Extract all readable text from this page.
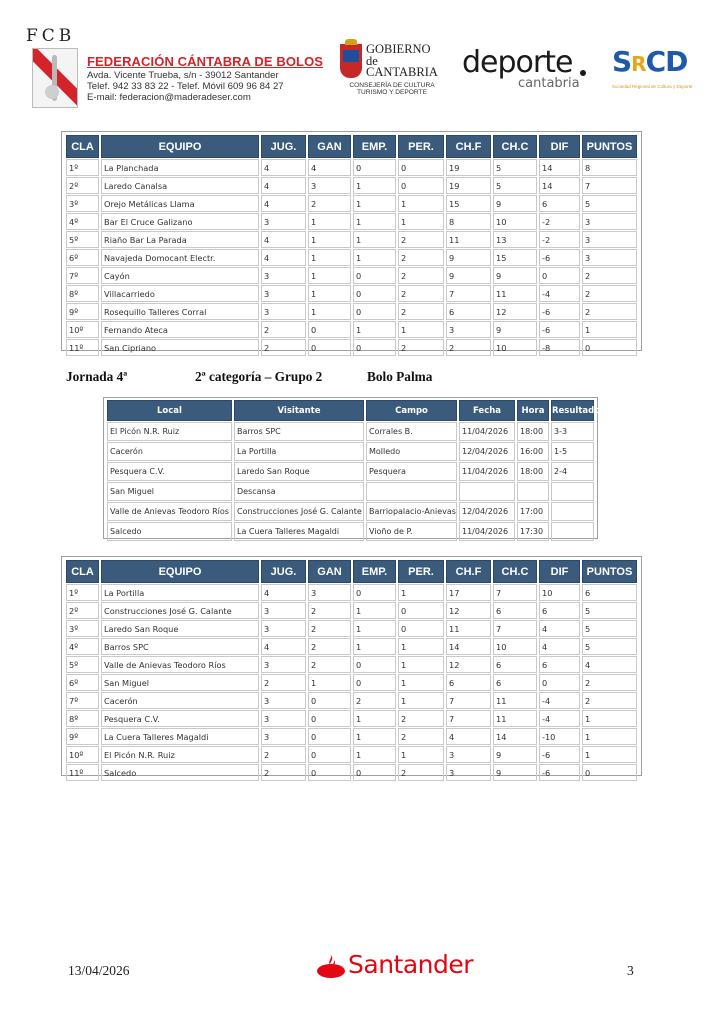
FCB
FEDERACIÓN CÁNTABRA DE BOLOS
Avda. Vicente Trueba, s/n - 39012 Santander
Telef. 942 33 83 22 - Telef. Móvil 609 96 84 27
E-mail: federacion@maderadeser.com
GOBIERNO
de
CANTABRIA
CONSEJERÍA DE CULTURA
TURISMO Y DEPORTE
deporte
cantabria
SRCD
Sociedad Regional de Cultura y Deporte
CLA	EQUIPO	JUG.	GAN	EMP.	PER.	CH.F	CH.C	DIF	PUNTOS
1º	La Planchada	4	4	0	0	19	5	14	8
2º	Laredo Canalsa	4	3	1	0	19	5	14	7
3º	Orejo Metálicas Llama	4	2	1	1	15	9	6	5
4º	Bar El Cruce Galizano	3	1	1	1	8	10	-2	3
5º	Riaño Bar La Parada	4	1	1	2	11	13	-2	3
6º	Navajeda Domocant Electr.	4	1	1	2	9	15	-6	3
7º	Cayón	3	1	0	2	9	9	0	2
8º	Villacarriedo	3	1	0	2	7	11	-4	2
9º	Rosequillo Talleres Corral	3	1	0	2	6	12	-6	2
10º	Fernando Ateca	2	0	1	1	3	9	-6	1
11º	San Cipriano	2	0	0	2	2	10	-8	0
Jornada 4ª	2ª categoría – Grupo 2	Bolo Palma
Local	Visitante	Campo	Fecha	Hora	Resultado
El Picón N.R. Ruiz	Barros SPC	Corrales B.	11/04/2026	18:00	3-3
Cacerón	La Portilla	Molledo	12/04/2026	16:00	1-5
Pesquera C.V.	Laredo San Roque	Pesquera	11/04/2026	18:00	2-4
San Miguel	Descansa				
Valle de Anievas Teodoro Ríos	Construcciones José G. Calante	Barriopalacio-Anievas	12/04/2026	17:00	
Salcedo	La Cuera Talleres Magaldi	Vioño de P.	11/04/2026	17:30	
CLA	EQUIPO	JUG.	GAN	EMP.	PER.	CH.F	CH.C	DIF	PUNTOS
1º	La Portilla	4	3	0	1	17	7	10	6
2º	Construcciones José G. Calante	3	2	1	0	12	6	6	5
3º	Laredo San Roque	3	2	1	0	11	7	4	5
4º	Barros SPC	4	2	1	1	14	10	4	5
5º	Valle de Anievas Teodoro Ríos	3	2	0	1	12	6	6	4
6º	San Miguel	2	1	0	1	6	6	0	2
7º	Cacerón	3	0	2	1	7	11	-4	2
8º	Pesquera C.V.	3	0	1	2	7	11	-4	1
9º	La Cuera Talleres Magaldi	3	0	1	2	4	14	-10	1
10º	El Picón N.R. Ruiz	2	0	1	1	3	9	-6	1
11º	Salcedo	2	0	0	2	3	9	-6	0
13/04/2026	Santander	3
